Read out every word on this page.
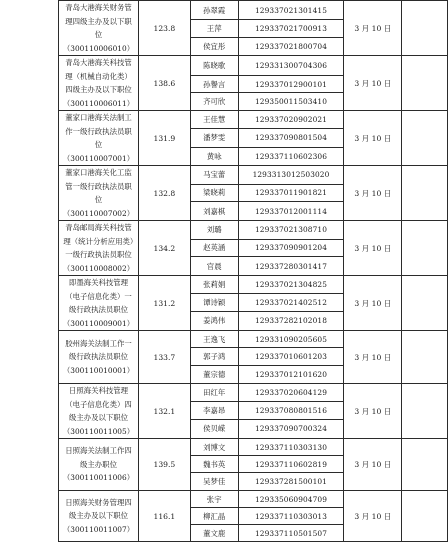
青岛大港海关财务管理四级主办及以下职位（300110006010）	123.8	孙翠霞	129337021301415	3 月 10 日	
		王萍	129337021700913		
		侯宜彤	129337021800704		
青岛大港海关科技管理（机械自动化类）四级主办及以下职位（300110006011）	138.6	陈晓歌	129331300704306	3 月 10 日	
		孙譽言	129337012900101		
		齐可欣	129350011503410		
董家口港海关法制工作一级行政执法员职位（300110007001）	131.9	王佳慧	129337020902021	3 月 10 日	
		潘梦雯	129337090801504		
		黄咏	129337110602306		
董家口港海关化工监管一级行政执法员职位（300110007002）	132.8	马宝蕾	129331301250302​0	3 月 10 日	
		梁晓莉	129337011901821		
		刘嘉棋	129337012001114		
青岛邮局海关科技管理（统计分析应用类）一级行政执法员职位（300110008002）	134.2	刘璐	129337021308710	3 月 10 日	
		赵英涵	129337090901204		
		官晨	129337280301417		
即墨海关科技管理（电子信息化类）一级行政执法员职位（300110009001）	131.2	张莉娟	129337021304825	3 月 10 日	
		谭诗颖	129337021402512		
		姜鸿伟	129337282102018		
胶州海关法制工作一级行政执法员职位（300110010001）	133.7	王逸飞	129331090205605	3 月 10 日	
		郭子鸿	129337010601203		
		董宗德	129337012101620		
日照海关科技管理（电子信息化类）四级主办及以下职位（300110011005）	132.1	田红年	129337020604129	3 月 10 日	
		李嘉昂	129337080801516		
		侯贝嵘	129337090700324		
日照海关法制工作四级主办职位（300110011006）	139.5	刘博文	129337110303130	3 月 10 日	
		魏书英	129337110602819		
		吴梦佳	129337281500101		
日照海关财务管理四级主办及以下职位（300110011007）	116.1	张宇	129335060904709	3 月 10 日	
		柳汇晶	129337110303013		
		董文鹿	129337110501507		
